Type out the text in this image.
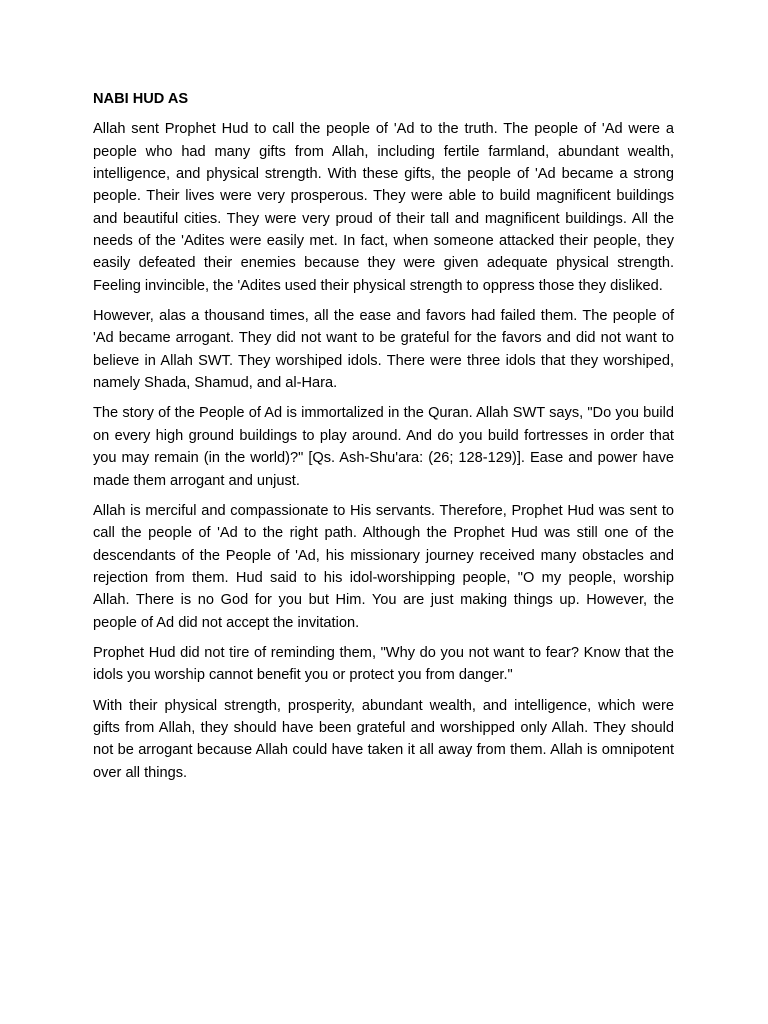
NABI HUD AS

Allah sent Prophet Hud to call the people of 'Ad to the truth. The people of 'Ad were a people who had many gifts from Allah, including fertile farmland, abundant wealth, intelligence, and physical strength. With these gifts, the people of 'Ad became a strong people. Their lives were very prosperous. They were able to build magnificent buildings and beautiful cities. They were very proud of their tall and magnificent buildings. All the needs of the 'Adites were easily met. In fact, when someone attacked their people, they easily defeated their enemies because they were given adequate physical strength. Feeling invincible, the 'Adites used their physical strength to oppress those they disliked.

However, alas a thousand times, all the ease and favors had failed them. The people of 'Ad became arrogant. They did not want to be grateful for the favors and did not want to believe in Allah SWT. They worshiped idols. There were three idols that they worshiped, namely Shada, Shamud, and al-Hara.

The story of the People of Ad is immortalized in the Quran. Allah SWT says, "Do you build on every high ground buildings to play around. And do you build fortresses in order that you may remain (in the world)?" [Qs. Ash-Shu'ara: (26; 128-129)]. Ease and power have made them arrogant and unjust.

Allah is merciful and compassionate to His servants. Therefore, Prophet Hud was sent to call the people of 'Ad to the right path. Although the Prophet Hud was still one of the descendants of the People of 'Ad, his missionary journey received many obstacles and rejection from them. Hud said to his idol-worshipping people, "O my people, worship Allah. There is no God for you but Him. You are just making things up. However, the people of Ad did not accept the invitation.

Prophet Hud did not tire of reminding them, "Why do you not want to fear? Know that the idols you worship cannot benefit you or protect you from danger."

With their physical strength, prosperity, abundant wealth, and intelligence, which were gifts from Allah, they should have been grateful and worshipped only Allah. They should not be arrogant because Allah could have taken it all away from them. Allah is omnipotent over all things.
